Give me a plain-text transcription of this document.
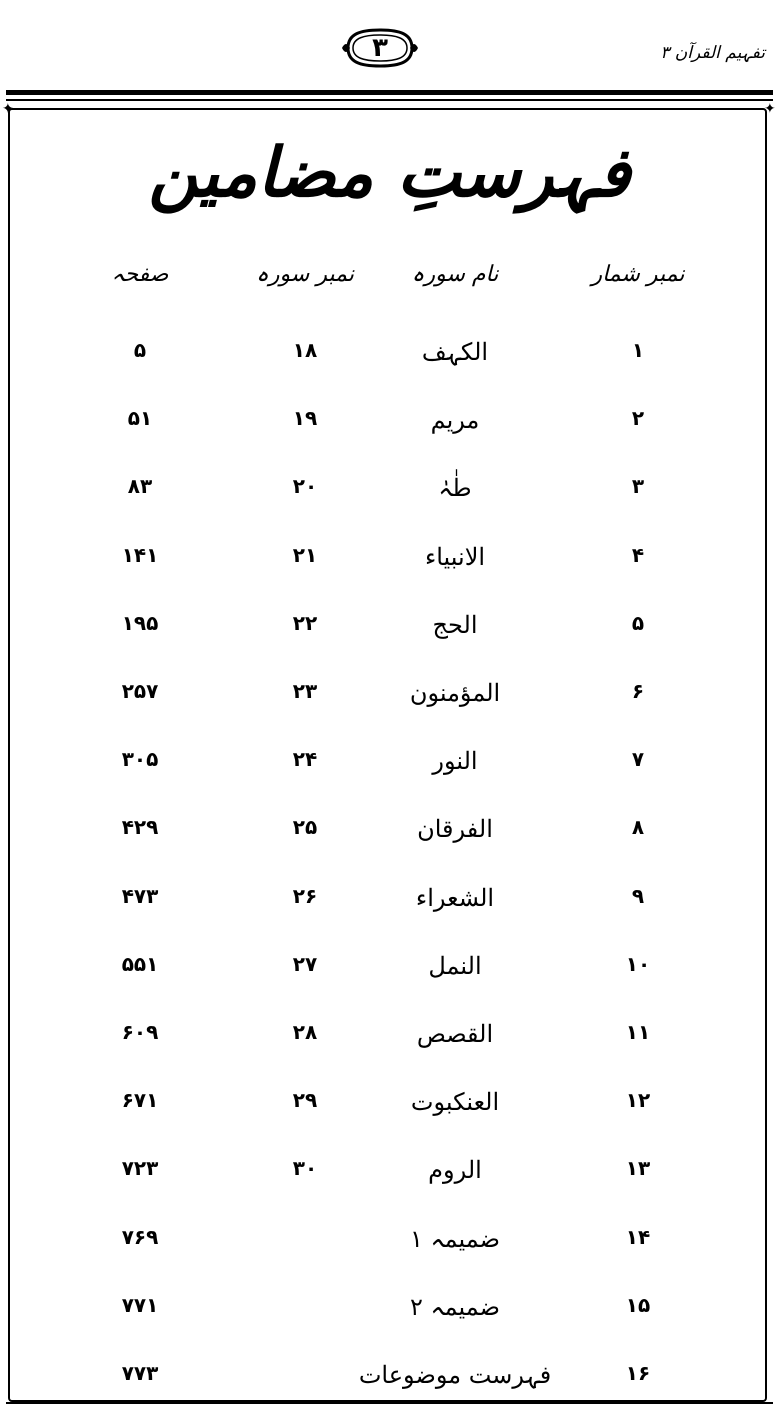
تفہیم القرآن ۳
۳
✦	✦
فہرستِ مضامین
نمبر شمار
نام سورہ
نمبر سورہ
صفحہ
۱
الکہف
۱۸
۵
۲
مریم
۱۹
۵۱
۳
طٰہٰ
۲۰
۸۳
۴
الانبیاء
۲۱
۱۴۱
۵
الحج
۲۲
۱۹۵
۶
المؤمنون
۲۳
۲۵۷
۷
النور
۲۴
۳۰۵
۸
الفرقان
۲۵
۴۲۹
۹
الشعراء
۲۶
۴۷۳
۱۰
النمل
۲۷
۵۵۱
۱۱
القصص
۲۸
۶۰۹
۱۲
العنکبوت
۲۹
۶۷۱
۱۳
الروم
۳۰
۷۲۳
۱۴
ضمیمہ ۱
۷۶۹
۱۵
ضمیمہ ۲
۷۷۱
۱۶
فہرست موضوعات
۷۷۳
